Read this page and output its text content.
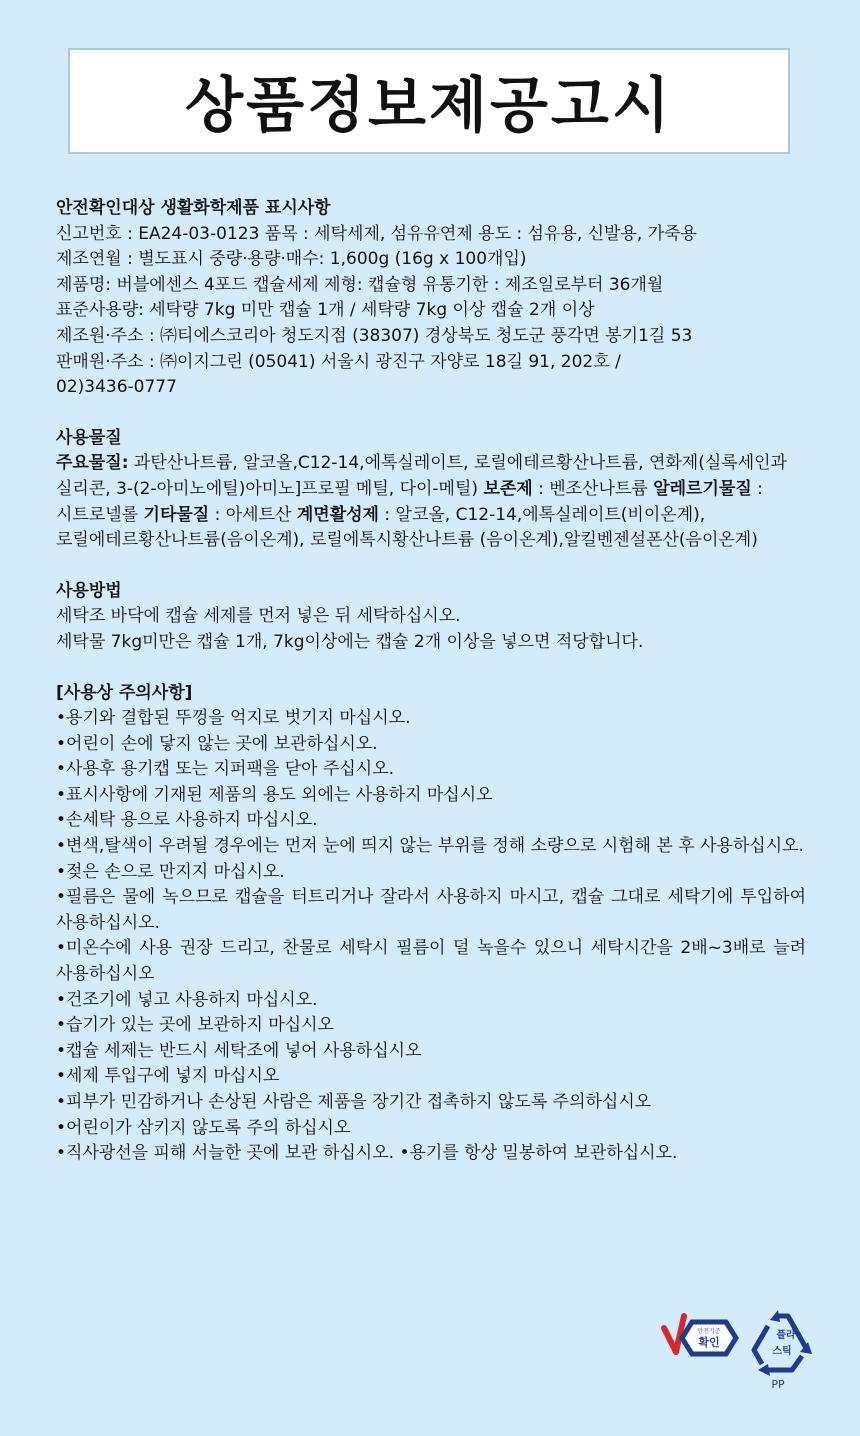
상품정보제공고시
안전확인대상 생활화학제품 표시사항
신고번호 : EA24-03-0123 품목 : 세탁세제, 섬유유연제 용도 : 섬유용, 신발용, 가죽용
제조연월 : 별도표시 중량·용량·매수: 1,600g (16g x 100개입)
제품명: 버블에센스 4포드 캡슐세제 제형: 캡슐형 유통기한 : 제조일로부터 36개월
표준사용량: 세탁량 7kg 미만 캡슐 1개 / 세탁량 7kg 이상 캡슐 2개 이상
제조원·주소 : ㈜티에스코리아 청도지점 (38307) 경상북도 청도군 풍각면 봉기1길 53
판매원·주소 : ㈜이지그린 (05041) 서울시 광진구 자양로 18길 91, 202호 /
02)3436-0777
사용물질
주요물질: 과탄산나트륨, 알코올,C12-14,에톡실레이트, 로릴에테르황산나트륨, 연화제(실록세인과 실리콘, 3-(2-아미노에틸)아미노]프로필 메틸, 다이-메틸) 보존제 : 벤조산나트륨 알레르기물질 : 시트로넬롤 기타물질 : 아세트산 계면활성제 : 알코올, C12-14,에톡실레이트(비이온계), 로릴에테르황산나트륨(음이온계), 로릴에톡시황산나트륨 (음이온계),알킬벤젠설폰산(음이온계)
사용방법
세탁조 바닥에 캡슐 세제를 먼저 넣은 뒤 세탁하십시오.
세탁물 7kg미만은 캡슐 1개, 7kg이상에는 캡슐 2개 이상을 넣으면 적당합니다.
[사용상 주의사항]
•용기와 결합된 뚜껑을 억지로 벗기지 마십시오.
•어린이 손에 닿지 않는 곳에 보관하십시오.
•사용후 용기캡 또는 지퍼팩을 닫아 주십시오.
•표시사항에 기재된 제품의 용도 외에는 사용하지 마십시오
•손세탁 용으로 사용하지 마십시오.
•변색,탈색이 우려될 경우에는 먼저 눈에 띄지 않는 부위를 정해 소량으로 시험해 본 후 사용하십시오.
•젖은 손으로 만지지 마십시오.
•필름은 물에 녹으므로 캡슐을 터트리거나 잘라서 사용하지 마시고, 캡슐 그대로 세탁기에 투입하여 사용하십시오.
•미온수에 사용 권장 드리고, 찬물로 세탁시 필름이 덜 녹을수 있으니 세탁시간을 2배~3배로 늘려 사용하십시오
•건조기에 넣고 사용하지 마십시오.
•습기가 있는 곳에 보관하지 마십시오
•캡슐 세제는 반드시 세탁조에 넣어 사용하십시오
•세제 투입구에 넣지 마십시오
•피부가 민감하거나 손상된 사람은 제품을 장기간 접촉하지 않도록 주의하십시오
•어린이가 삼키지 않도록 주의 하십시오
•직사광선을 피해 서늘한 곳에 보관 하십시오. •용기를 항상 밀봉하여 보관하십시오.
안전기준
확인
플라
스틱
PP
